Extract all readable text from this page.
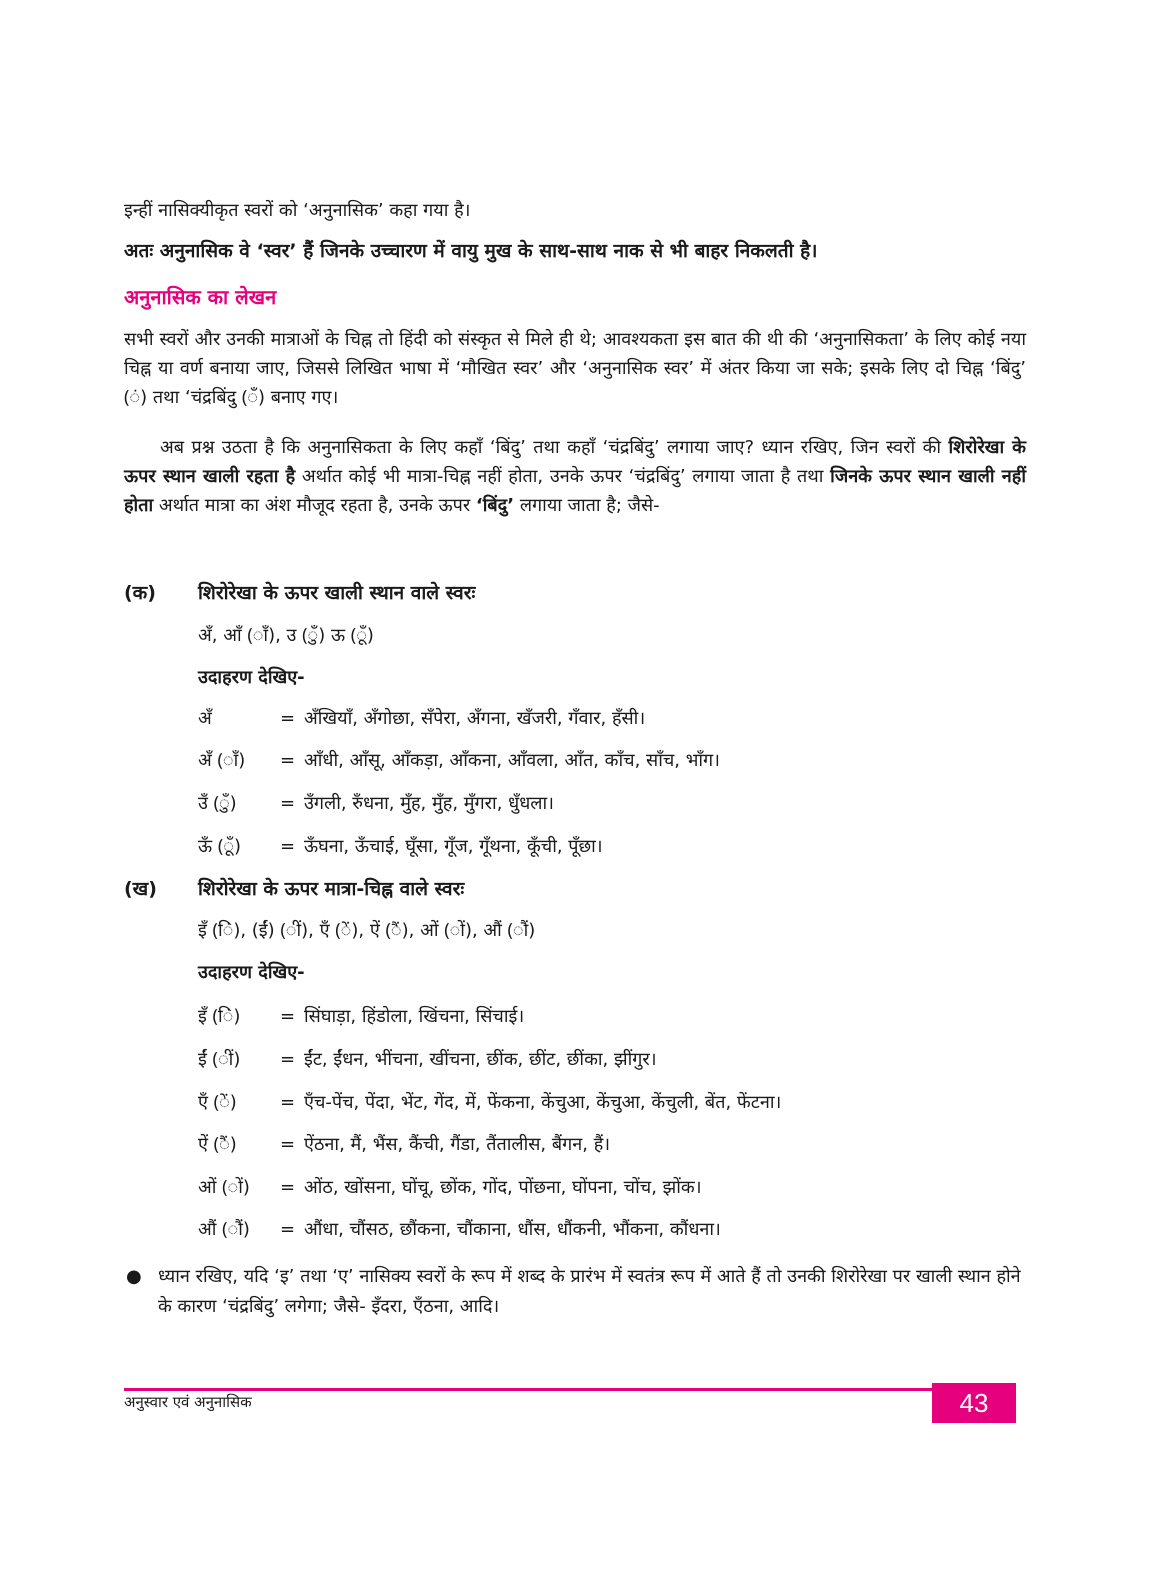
इन्हीं नासिक्यीकृत स्वरों को ‘अनुनासिक’ कहा गया है।

अतः अनुनासिक वे ‘स्वर’ हैं जिनके उच्चारण में वायु मुख के साथ-साथ नाक से भी बाहर निकलती है।

अनुनासिक का लेखन

सभी स्वरों और उनकी मात्राओं के चिह्न तो हिंदी को संस्कृत से मिले ही थे; आवश्यकता इस बात की थी की ‘अनुनासिकता’ के लिए कोई नया चिह्न या वर्ण बनाया जाए, जिससे लिखित भाषा में ‘मौखित स्वर’ और ‘अनुनासिक स्वर’ में अंतर किया जा सके; इसके लिए दो चिह्न ‘बिंदु’ (ं) तथा ‘चंद्रबिंदु (ँ) बनाए गए।

अब प्रश्न उठता है कि अनुनासिकता के लिए कहाँ ‘बिंदु’ तथा कहाँ ‘चंद्रबिंदु’ लगाया जाए? ध्यान रखिए, जिन स्वरों की शिरोरेखा के ऊपर स्थान खाली रहता है अर्थात कोई भी मात्रा-चिह्न नहीं होता, उनके ऊपर ‘चंद्रबिंदु’ लगाया जाता है तथा जिनके ऊपर स्थान खाली नहीं होता अर्थात मात्रा का अंश मौजूद रहता है, उनके ऊपर ‘बिंदु’ लगाया जाता है; जैसे-

(क) शिरोरेखा के ऊपर खाली स्थान वाले स्वरः
अँ, आँ (ाँ), उ (ुँ) ऊ (ूँ)
उदाहरण देखिए-
अँ	= अँखियाँ, अँगोछा, सँपेरा, अँगना, खँजरी, गँवार, हँसी।
अँ (ाँ) = आँधी, आँसू, आँकड़ा, आँकना, आँवला, आँत, काँच, साँच, भाँग।
उँ (ुँ) = उँगली, रुँधना, मुँह, मुँह, मुँगरा, धुँधला।
ऊँ (ूँ) = ऊँघना, ऊँचाई, घूँसा, गूँज, गूँथना, कूँची, पूँछा।
(ख) शिरोरेखा के ऊपर मात्रा-चिह्न वाले स्वरः
इँ (िं), (ईं) (ीं), एँ (ें), ऐं (ैं), ओं (ों), औं (ौं)
उदाहरण देखिए-
इँ (िं) = सिंघाड़ा, हिंडोला, खिंचना, सिंचाई।
ईं (ीं) = ईंट, ईंधन, भींचना, खींचना, छींक, छींट, छींका, झींगुर।
एँ (ें) = एँच-पेंच, पेंदा, भेंट, गेंद, में, फेंकना, केंचुआ, केंचुआ, केंचुली, बेंत, फेंटना।
ऐं (ैं) = ऐंठना, मैं, भैंस, कैंची, गैंडा, तैंतालीस, बैंगन, हैं।
ओं (ों) = ओंठ, खोंसना, घोंचू, छोंक, गोंद, पोंछना, घोंपना, चोंच, झोंक।
औं (ौं) = औंधा, चौंसठ, छौंकना, चौंकाना, धौंस, धौंकनी, भौंकना, कौंधना।
● ध्यान रखिए, यदि ‘इ’ तथा ‘ए’ नासिक्य स्वरों के रूप में शब्द के प्रारंभ में स्वतंत्र रूप में आते हैं तो उनकी शिरोरेखा पर खाली स्थान होने के कारण ‘चंद्रबिंदु’ लगेगा; जैसे- इँदरा, एँठना, आदि।
अनुस्वार एवं अनुनासिक	43
